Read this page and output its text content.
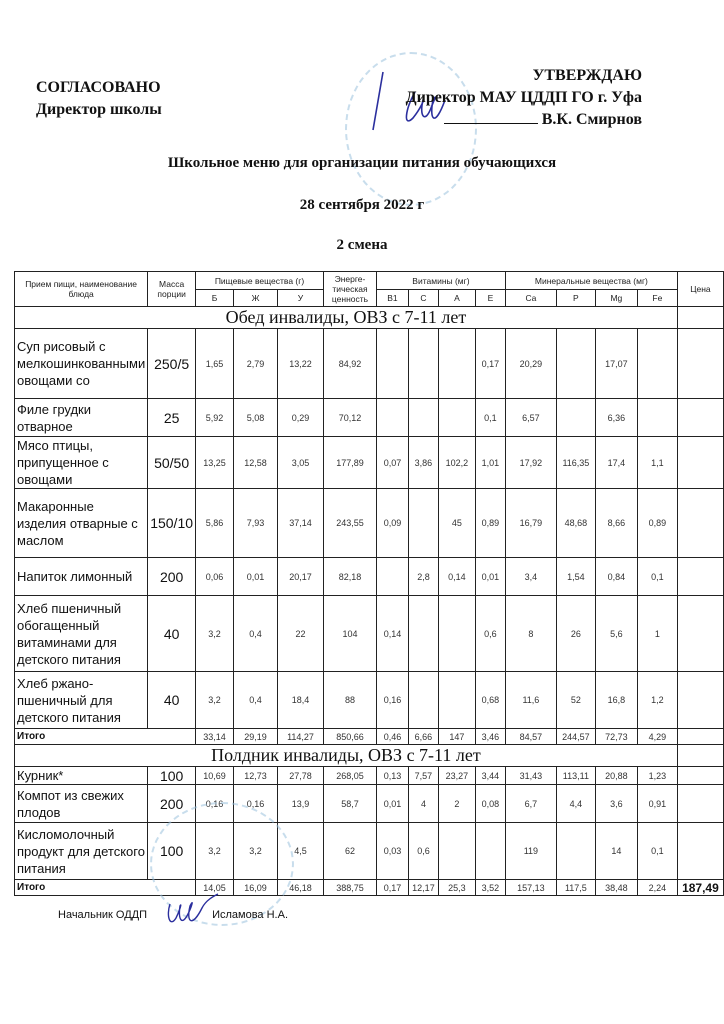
СОГЛАСОВАНО
Директор школы
УТВЕРЖДАЮ
Директор МАУ ЦДДП ГО г. Уфа
В.К. Смирнов
Школьное меню для организации питания обучающихся
28 сентября 2022 г
2 смена
Прием пищи, наименование блюда	Масса порции	Пищевые вещества (г)			Энерге-тическая ценность	Витамины (мг)				Минеральные вещества (мг)				Цена
		Б	Ж	У		B1	C	A	E	Ca	P	Mg	Fe	
Обед инвалиды, ОВЗ с 7-11 лет														
Суп рисовый с мелкошинкованными овощами со	250/5	1,65	2,79	13,22	84,92				0,17	20,29		17,07		
Филе грудки отварное	25	5,92	5,08	0,29	70,12				0,1	6,57		6,36		
Мясо птицы, припущенное с овощами	50/50	13,25	12,58	3,05	177,89	0,07	3,86	102,2	1,01	17,92	116,35	17,4	1,1	
Макаронные изделия отварные с маслом	150/10	5,86	7,93	37,14	243,55	0,09		45	0,89	16,79	48,68	8,66	0,89	
Напиток лимонный	200	0,06	0,01	20,17	82,18		2,8	0,14	0,01	3,4	1,54	0,84	0,1	
Хлеб пшеничный обогащенный витаминами для детского питания	40	3,2	0,4	22	104	0,14			0,6	8	26	5,6	1	
Хлеб ржано-пшеничный для детского питания	40	3,2	0,4	18,4	88	0,16			0,68	11,6	52	16,8	1,2	
Итого		33,14	29,19	114,27	850,66	0,46	6,66	147	3,46	84,57	244,57	72,73	4,29	
Полдник инвалиды, ОВЗ с 7-11 лет														
Курник*	100	10,69	12,73	27,78	268,05	0,13	7,57	23,27	3,44	31,43	113,11	20,88	1,23	
Компот из свежих плодов	200	0,16	0,16	13,9	58,7	0,01	4	2	0,08	6,7	4,4	3,6	0,91	
Кисломолочный продукт для детского питания	100	3,2	3,2	4,5	62	0,03	0,6			119		14	0,1	
Итого		14,05	16,09	46,18	388,75	0,17	12,17	25,3	3,52	157,13	117,5	38,48	2,24	187,49
Начальник ОДДП	Исламова Н.А.
